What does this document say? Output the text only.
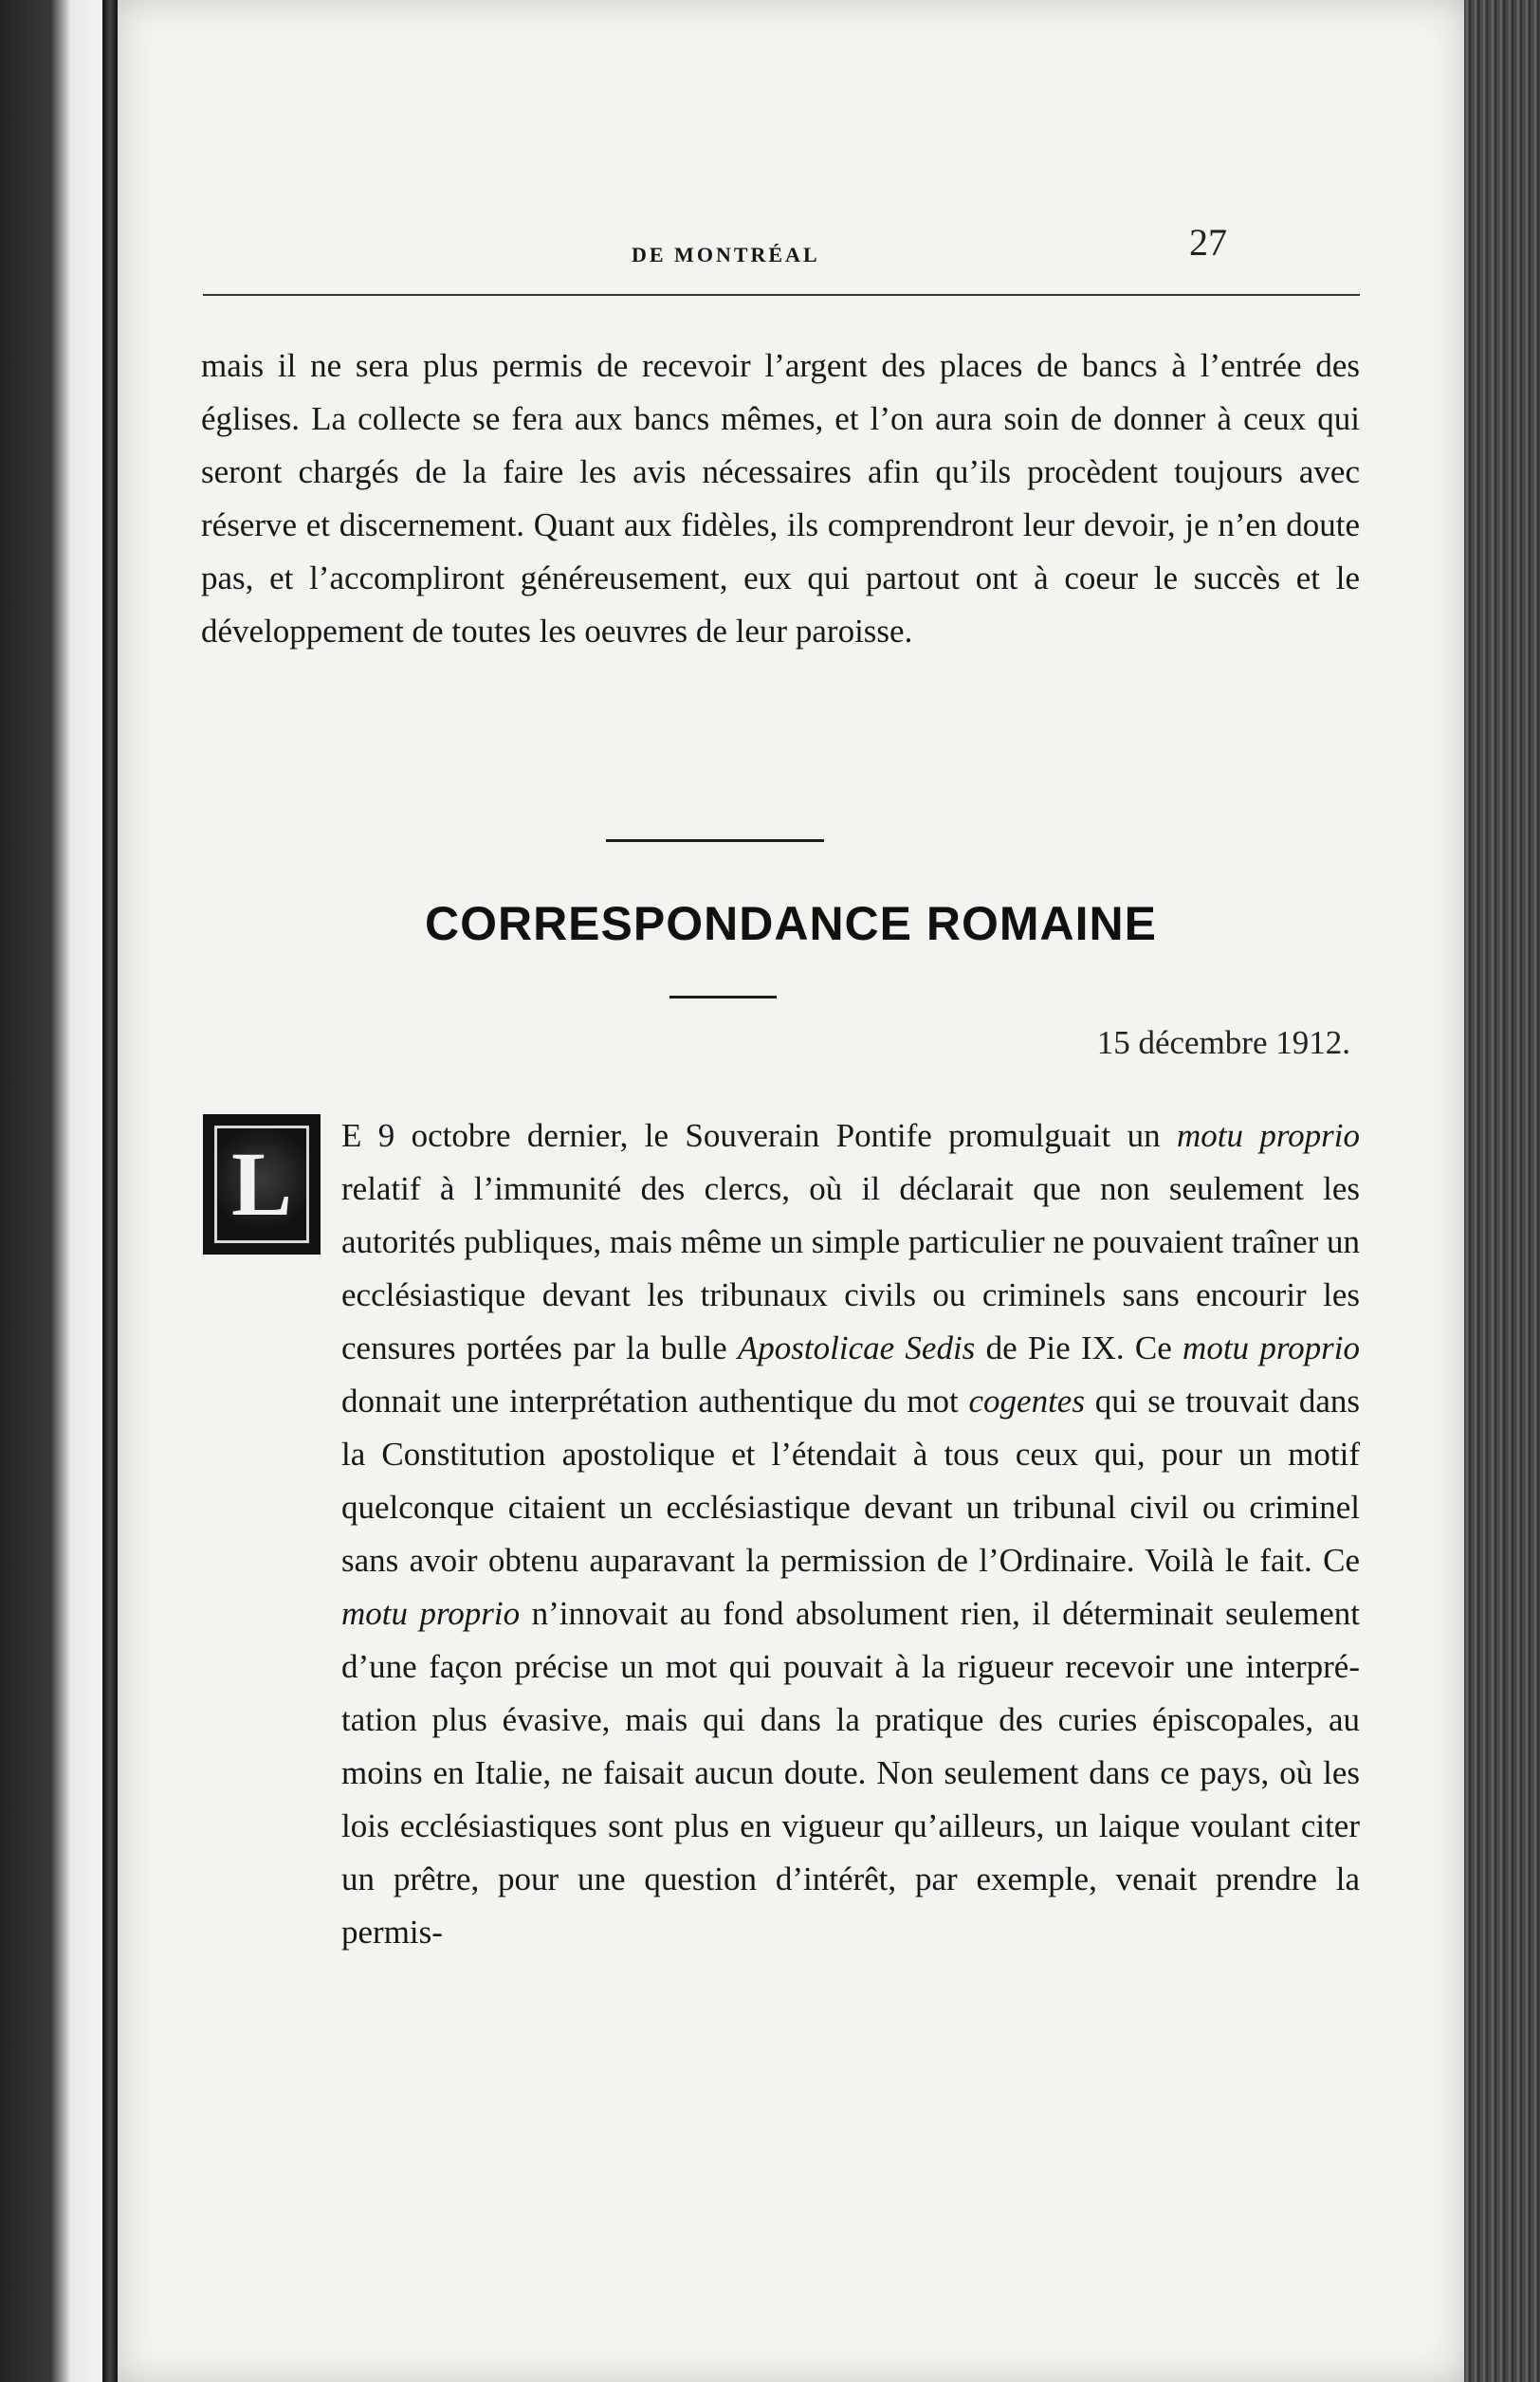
DE MONTRÉAL	27

mais il ne sera plus permis de recevoir l’argent des places de bancs à l’entrée des églises. La collecte se fera aux bancs mêmes, et l’on aura soin de donner à ceux qui seront chargés de la faire les avis nécessaires afin qu’ils procèdent toujours avec réserve et discernement. Quant aux fidèles, ils comprendront leur devoir, je n’en doute pas, et l’accompliront généreusement, eux qui partout ont à coeur le succès et le développement de toutes les oeuvres de leur paroisse.

CORRESPONDANCE ROMAINE
15 décembre 1912.
L	E 9 octobre dernier, le Souverain Pontife promulguait un motu proprio relatif à l’immunité des clercs, où il déclarait que non seulement les autorités publiques, mais même un simple particulier ne pouvaient traîner un ecclésiastique devant les tribunaux civils ou criminels sans encourir les censures portées par la bulle Apostolicae Sedis de Pie IX. Ce motu proprio donnait une interprétation authentique du mot cogentes qui se trouvait dans la Constitution apostolique et l’étendait à tous ceux qui, pour un motif quelconque citaient un ecclésiastique devant un tribunal civil ou criminel sans avoir obtenu auparavant la permission de l’Ordinaire. Voilà le fait. Ce motu proprio n’innovait au fond absolument rien, il déterminait seulement d’une façon précise un mot qui pouvait à la rigueur recevoir une interprétation plus évasive, mais qui dans la pratique des curies épiscopales, au moins en Italie, ne faisait aucun doute. Non seulement dans ce pays, où les lois ecclésiastiques sont plus en vigueur qu’ailleurs, un laique voulant citer un prêtre, pour une question d’intérêt, par exemple, venait prendre la permis-
